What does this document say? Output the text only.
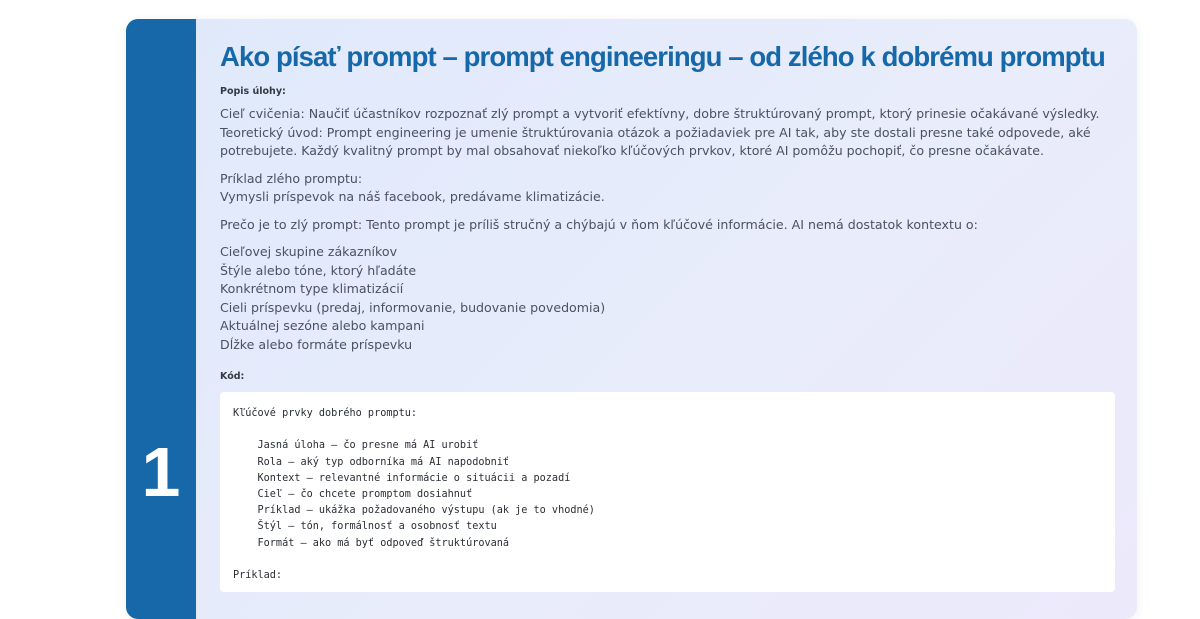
1
Ako písať prompt – prompt engineeringu – od zlého k dobrému promptu
Popis úlohy:

Cieľ cvičenia: Naučiť účastníkov rozpoznať zlý prompt a vytvoriť efektívny, dobre štruktúrovaný prompt, ktorý prinesie očakávané výsledky. Teoretický úvod: Prompt engineering je umenie štruktúrovania otázok a požiadaviek pre AI tak, aby ste dostali presne také odpovede, aké potrebujete. Každý kvalitný prompt by mal obsahovať niekoľko kľúčových prvkov, ktoré AI pomôžu pochopiť, čo presne očakávate.

Príklad zlého promptu:
Vymysli príspevok na náš facebook, predávame klimatizácie.

Prečo je to zlý prompt: Tento prompt je príliš stručný a chýbajú v ňom kľúčové informácie. AI nemá dostatok kontextu o:

Cieľovej skupine zákazníkov
Štýle alebo tóne, ktorý hľadáte
Konkrétnom type klimatizácií
Cieli príspevku (predaj, informovanie, budovanie povedomia)
Aktuálnej sezóne alebo kampani
Dĺžke alebo formáte príspevku
Kód:
Kľúčové prvky dobrého promptu:

Jasná úloha – čo presne má AI urobiť
Rola – aký typ odborníka má AI napodobniť
Kontext – relevantné informácie o situácii a pozadí
Cieľ – čo chcete promptom dosiahnuť
Príklad – ukážka požadovaného výstupu (ak je to vhodné)
Štýl – tón, formálnosť a osobnosť textu
Formát – ako má byť odpoveď štruktúrovaná

Príklad:
